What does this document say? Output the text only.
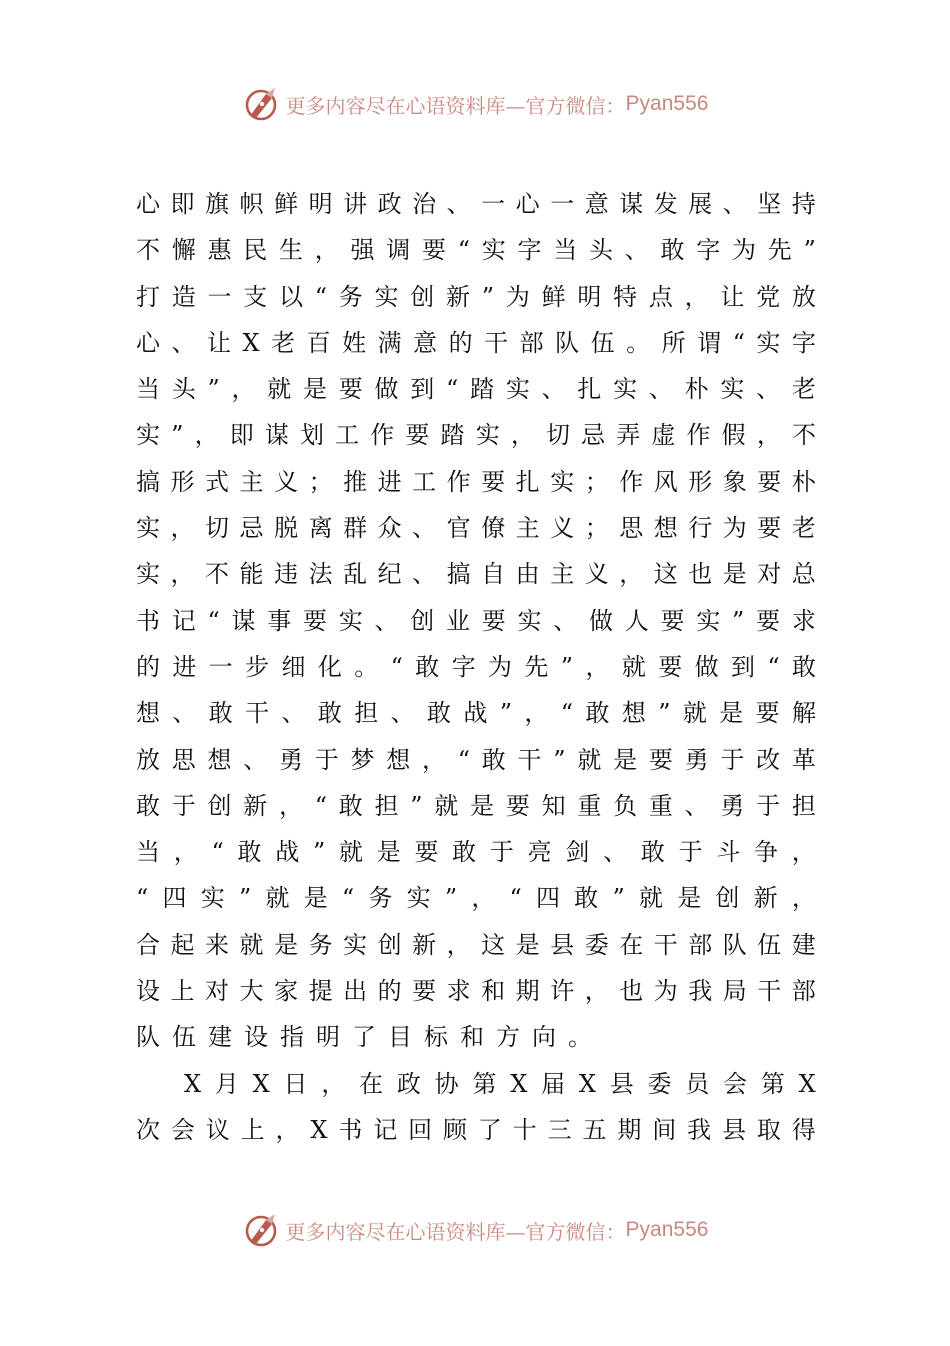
更多内容尽在心语资料库—官方微信： Pyan556
心 即 旗 帜 鲜 明 讲 政 治 、 一 心 一 意 谋 发 展 、 坚 持
不 懈 惠 民 生 ， 强 调 要 “ 实 字 当 头 、 敢 字 为 先 ”
打 造 一 支 以 “ 务 实 创 新 ” 为 鲜 明 特 点 ， 让 党 放
心 、 让 X 老 百 姓 满 意 的 干 部 队 伍 。 所 谓 “ 实 字
当 头 ” ， 就 是 要 做 到 “ 踏 实 、 扎 实 、 朴 实 、 老
实 ” ， 即 谋 划 工 作 要 踏 实 ， 切 忌 弄 虚 作 假 ， 不
搞 形 式 主 义 ； 推 进 工 作 要 扎 实 ； 作 风 形 象 要 朴
实 ， 切 忌 脱 离 群 众 、 官 僚 主 义 ； 思 想 行 为 要 老
实 ， 不 能 违 法 乱 纪 、 搞 自 由 主 义 ， 这 也 是 对 总
书 记 “ 谋 事 要 实 、 创 业 要 实 、 做 人 要 实 ” 要 求
的 进 一 步 细 化 。 “ 敢 字 为 先 ” ， 就 要 做 到 “ 敢
想 、 敢 干 、 敢 担 、 敢 战 ” ， “ 敢 想 ” 就 是 要 解
放 思 想 、 勇 于 梦 想 ， “ 敢 干 ” 就 是 要 勇 于 改 革
敢 于 创 新 ， “ 敢 担 ” 就 是 要 知 重 负 重 、 勇 于 担
当 ， “ 敢 战 ” 就 是 要 敢 于 亮 剑 、 敢 于 斗 争 ，
“ 四 实 ” 就 是 “ 务 实 ” ， “ 四 敢 ” 就 是 创 新 ，
合 起 来 就 是 务 实 创 新 ， 这 是 县 委 在 干 部 队 伍 建
设 上 对 大 家 提 出 的 要 求 和 期 许 ， 也 为 我 局 干 部
队伍建设指明了目标和方向。
X 月 X 日 ， 在 政 协 第 X 届 X 县 委 员 会 第 X
次 会 议 上 ， X 书 记 回 顾 了 十 三 五 期 间 我 县 取 得
更多内容尽在心语资料库—官方微信： Pyan556
